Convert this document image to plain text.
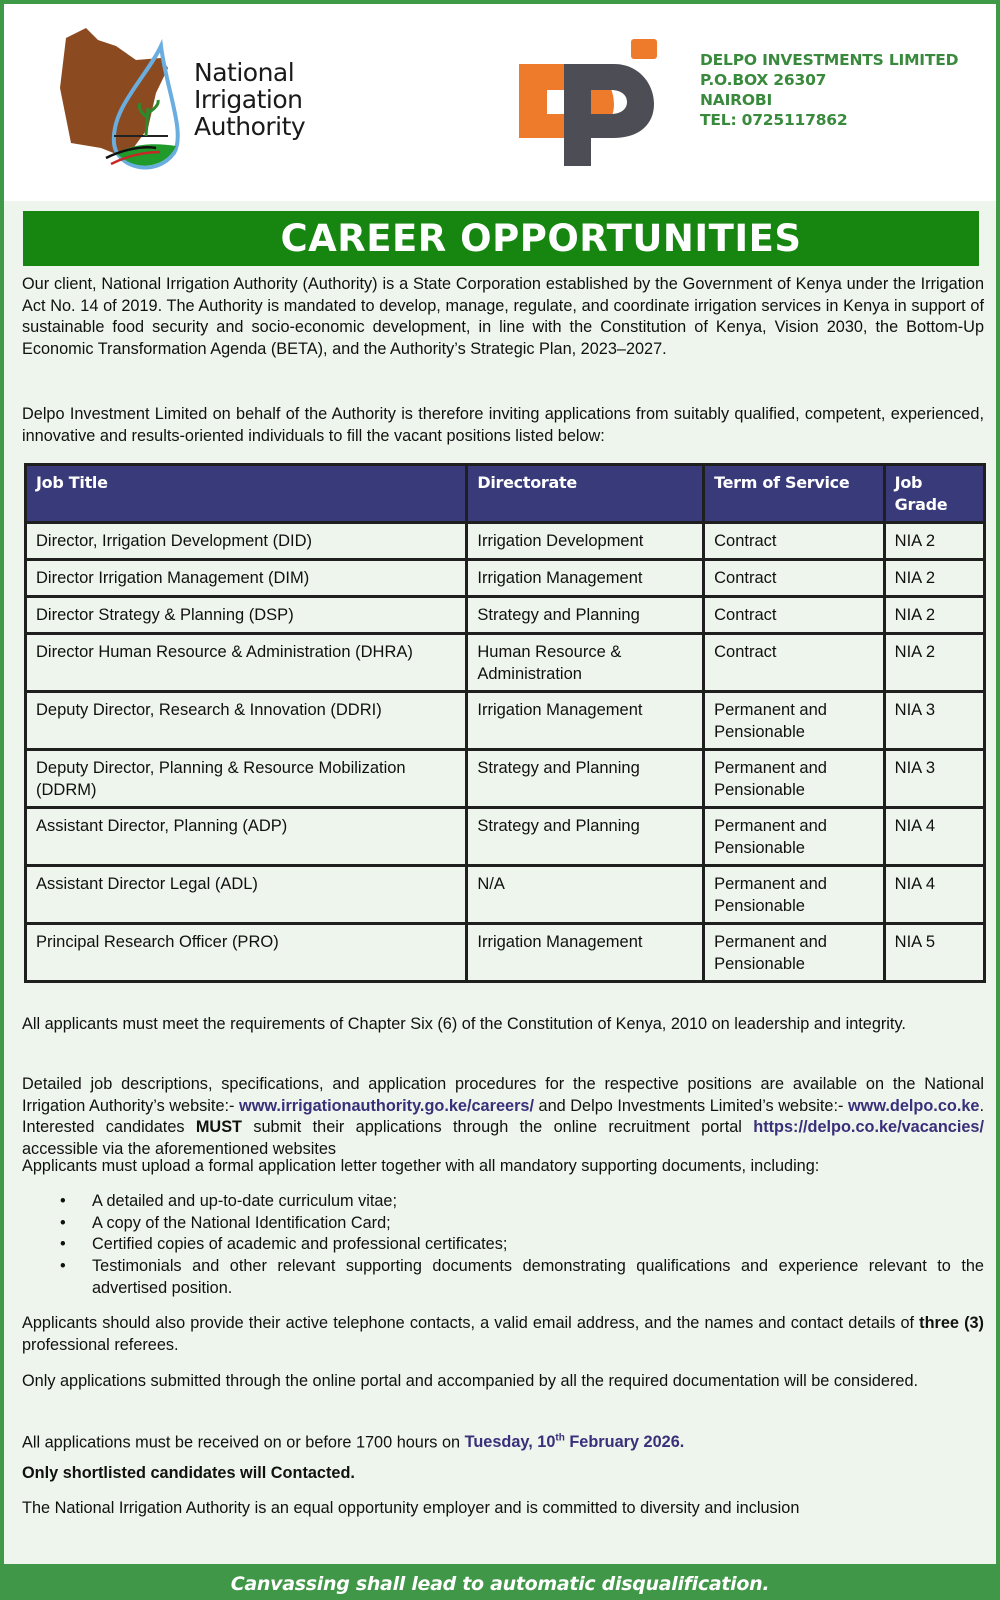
National
Irrigation
Authority
DELPO INVESTMENTS LIMITED
P.O.BOX 26307
NAIROBI
TEL: 0725117862
CAREER OPPORTUNITIES

Our client, National Irrigation Authority (Authority) is a State Corporation established by the Government of Kenya under the Irrigation Act No. 14 of 2019. The Authority is mandated to develop, manage, regulate, and coordinate irrigation services in Kenya in support of sustainable food security and socio-economic development, in line with the Constitution of Kenya, Vision 2030, the Bottom-Up Economic Transformation Agenda (BETA), and the Authority’s Strategic Plan, 2023–2027.

Delpo Investment Limited on behalf of the Authority is therefore inviting applications from suitably qualified, competent, experienced, innovative and results-oriented individuals to fill the vacant positions listed below:

Job Title	Directorate	Term of Service	Job Grade
Director, Irrigation Development (DID)	Irrigation Development	Contract	NIA 2
Director Irrigation Management (DIM)	Irrigation Management	Contract	NIA 2
Director Strategy & Planning (DSP)	Strategy and Planning	Contract	NIA 2
Director Human Resource & Administration (DHRA)	Human Resource & Administration	Contract	NIA 2
Deputy Director, Research & Innovation (DDRI)	Irrigation Management	Permanent and Pensionable	NIA 3
Deputy Director, Planning & Resource Mobilization (DDRM)	Strategy and Planning	Permanent and Pensionable	NIA 3
Assistant Director, Planning (ADP)	Strategy and Planning	Permanent and Pensionable	NIA 4
Assistant Director Legal (ADL)	N/A	Permanent and Pensionable	NIA 4
Principal Research Officer (PRO)	Irrigation Management	Permanent and Pensionable	NIA 5

All applicants must meet the requirements of Chapter Six (6) of the Constitution of Kenya, 2010 on leadership and integrity.

Detailed job descriptions, specifications, and application procedures for the respective positions are available on the National Irrigation Authority’s website:- www.irrigationauthority.go.ke/careers/ and Delpo Investments Limited’s website:- www.delpo.co.ke. Interested candidates MUST submit their applications through the online recruitment portal https://delpo.co.ke/vacancies/ accessible via the aforementioned websites

Applicants must upload a formal application letter together with all mandatory supporting documents, including:

• A detailed and up-to-date curriculum vitae;
• A copy of the National Identification Card;
• Certified copies of academic and professional certificates;
• Testimonials and other relevant supporting documents demonstrating qualifications and experience relevant to the advertised position.

Applicants should also provide their active telephone contacts, a valid email address, and the names and contact details of three (3) professional referees.

Only applications submitted through the online portal and accompanied by all the required documentation will be considered.

All applications must be received on or before 1700 hours on Tuesday, 10th February 2026.

Only shortlisted candidates will Contacted.

The National Irrigation Authority is an equal opportunity employer and is committed to diversity and inclusion

Canvassing shall lead to automatic disqualification.
